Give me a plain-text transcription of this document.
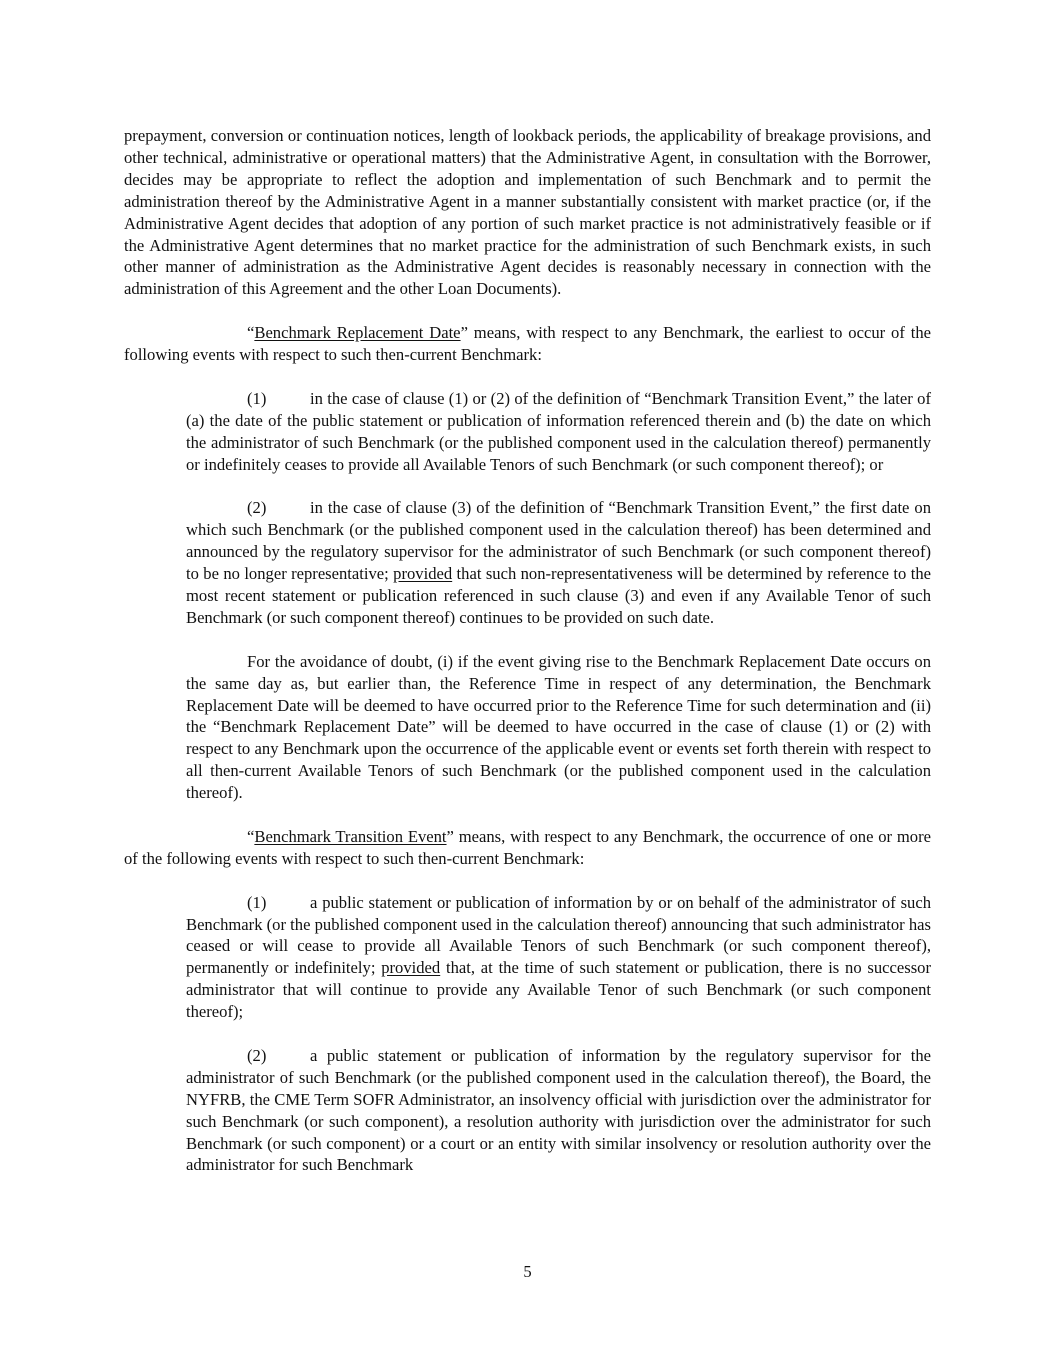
prepayment, conversion or continuation notices, length of lookback periods, the applicability of breakage provisions, and other technical, administrative or operational matters) that the Administrative Agent, in consultation with the Borrower, decides may be appropriate to reflect the adoption and implementation of such Benchmark and to permit the administration thereof by the Administrative Agent in a manner substantially consistent with market practice (or, if the Administrative Agent decides that adoption of any portion of such market practice is not administratively feasible or if the Administrative Agent determines that no market practice for the administration of such Benchmark exists, in such other manner of administration as the Administrative Agent decides is reasonably necessary in connection with the administration of this Agreement and the other Loan Documents).

“Benchmark Replacement Date” means, with respect to any Benchmark, the earliest to occur of the following events with respect to such then-current Benchmark:

(1)	in the case of clause (1) or (2) of the definition of “Benchmark Transition Event,” the later of (a) the date of the public statement or publication of information referenced therein and (b) the date on which the administrator of such Benchmark (or the published component used in the calculation thereof) permanently or indefinitely ceases to provide all Available Tenors of such Benchmark (or such component thereof); or

(2)	in the case of clause (3) of the definition of “Benchmark Transition Event,” the first date on which such Benchmark (or the published component used in the calculation thereof) has been determined and announced by the regulatory supervisor for the administrator of such Benchmark (or such component thereof) to be no longer representative; provided that such non-representativeness will be determined by reference to the most recent statement or publication referenced in such clause (3) and even if any Available Tenor of such Benchmark (or such component thereof) continues to be provided on such date.

For the avoidance of doubt, (i) if the event giving rise to the Benchmark Replacement Date occurs on the same day as, but earlier than, the Reference Time in respect of any determination, the Benchmark Replacement Date will be deemed to have occurred prior to the Reference Time for such determination and (ii) the “Benchmark Replacement Date” will be deemed to have occurred in the case of clause (1) or (2) with respect to any Benchmark upon the occurrence of the applicable event or events set forth therein with respect to all then-current Available Tenors of such Benchmark (or the published component used in the calculation thereof).

“Benchmark Transition Event” means, with respect to any Benchmark, the occurrence of one or more of the following events with respect to such then-current Benchmark:

(1)	a public statement or publication of information by or on behalf of the administrator of such Benchmark (or the published component used in the calculation thereof) announcing that such administrator has ceased or will cease to provide all Available Tenors of such Benchmark (or such component thereof), permanently or indefinitely; provided that, at the time of such statement or publication, there is no successor administrator that will continue to provide any Available Tenor of such Benchmark (or such component thereof);

(2)	a public statement or publication of information by the regulatory supervisor for the administrator of such Benchmark (or the published component used in the calculation thereof), the Board, the NYFRB, the CME Term SOFR Administrator, an insolvency official with jurisdiction over the administrator for such Benchmark (or such component), a resolution authority with jurisdiction over the administrator for such Benchmark (or such component) or a court or an entity with similar insolvency or resolution authority over the administrator for such Benchmark

5
